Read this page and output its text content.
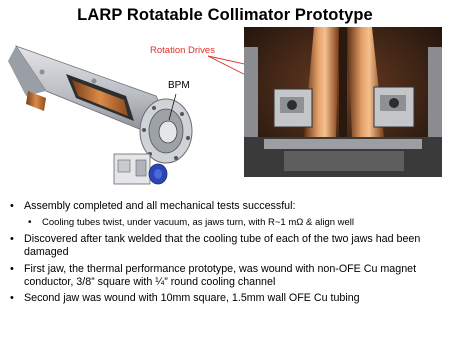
LARP Rotatable Collimator Prototype
BPM
Rotation Drives
• Assembly completed and all mechanical tests successful:
• Cooling tubes twist, under vacuum, as jaws turn, with R~1 mΩ & align well
• Discovered after tank welded that the cooling tube of each of the two jaws had been damaged
• First jaw, the thermal performance prototype, was wound with non-OFE Cu magnet conductor, 3/8” square with ¼” round cooling channel
• Second jaw was wound with 10mm square, 1.5mm wall OFE Cu tubing
